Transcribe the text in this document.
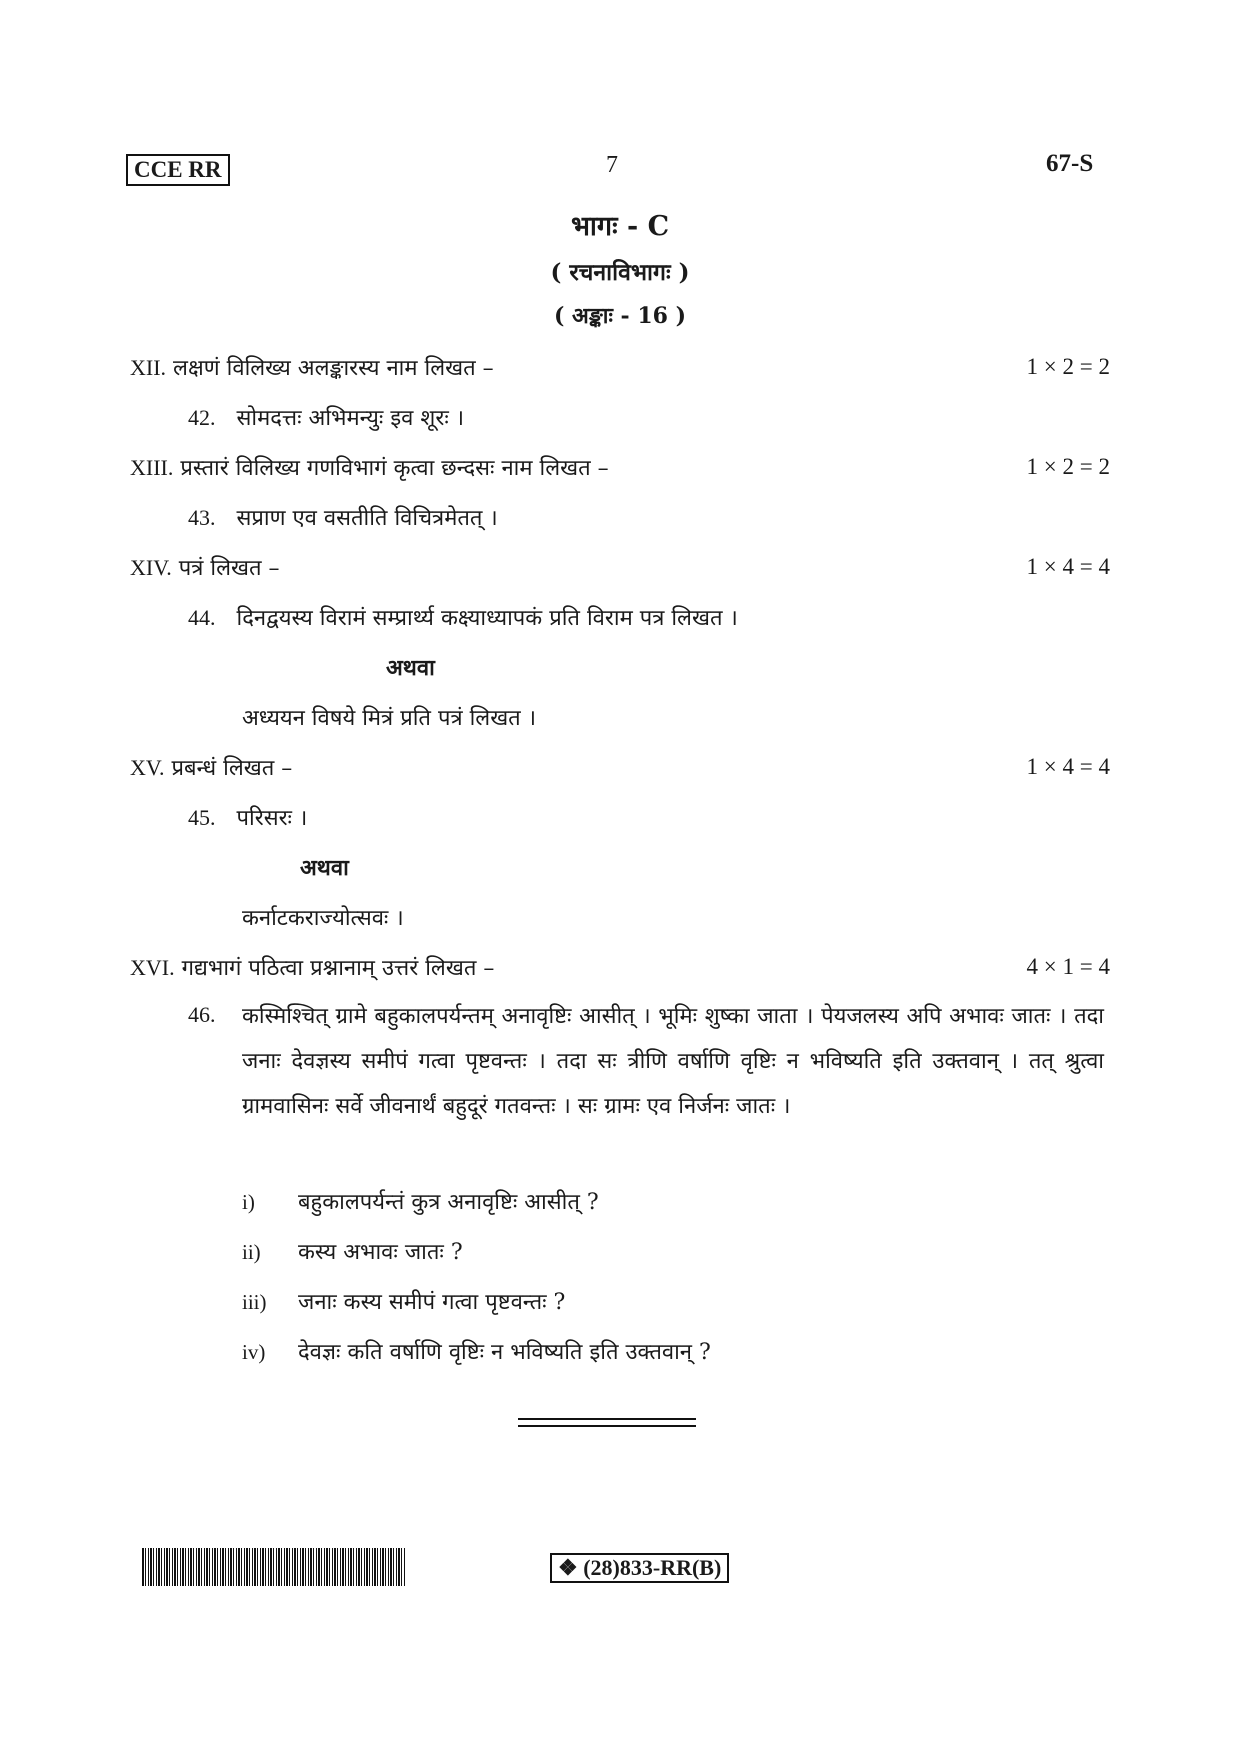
CCE RR	7	67-S
भागः - C
( रचनाविभागः )
( अङ्काः - 16 )
XII. लक्षणं विलिख्य अलङ्कारस्य नाम लिखत –	1 × 2 = 2
42. सोमदत्तः अभिमन्युः इव शूरः ।
XIII. प्रस्तारं विलिख्य गणविभागं कृत्वा छन्दसः नाम लिखत –	1 × 2 = 2
43. सप्राण एव वसतीति विचित्रमेतत् ।
XIV. पत्रं लिखत –	1 × 4 = 4
44. दिनद्वयस्य विरामं सम्प्रार्थ्य कक्ष्याध्यापकं प्रति विराम पत्र लिखत ।
अथवा
अध्ययन विषये मित्रं प्रति पत्रं लिखत ।
XV. प्रबन्धं लिखत –	1 × 4 = 4
45. परिसरः ।
अथवा
कर्नाटकराज्योत्सवः ।
XVI. गद्यभागं पठित्वा प्रश्नानाम् उत्तरं लिखत –	4 × 1 = 4
46. कस्मिश्चित् ग्रामे बहुकालपर्यन्तम् अनावृष्टिः आसीत् । भूमिः शुष्का जाता । पेयजलस्य अपि अभावः जातः । तदा जनाः देवज्ञस्य समीपं गत्वा पृष्टवन्तः । तदा सः त्रीणि वर्षाणि वृष्टिः न भविष्यति इति उक्तवान् । तत् श्रुत्वा ग्रामवासिनः सर्वे जीवनार्थं बहुदूरं गतवन्तः । सः ग्रामः एव निर्जनः जातः ।
i) बहुकालपर्यन्तं कुत्र अनावृष्टिः आसीत् ?
ii) कस्य अभावः जातः ?
iii) जनाः कस्य समीपं गत्वा पृष्टवन्तः ?
iv) देवज्ञः कति वर्षाणि वृष्टिः न भविष्यति इति उक्तवान् ?
❖ (28)833-RR(B)
